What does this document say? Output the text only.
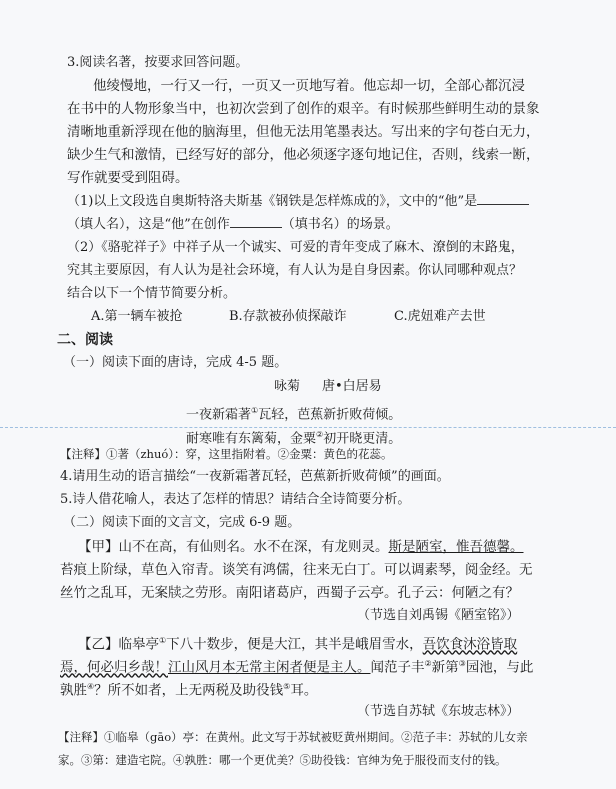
3.阅读名著，按要求回答问题。
他绫慢地，一行又一行，一页又一页地写着。他忘却一切，全部心都沉浸
在书中的人物形象当中，也初次尝到了创作的艰辛。有时候那些鲜明生动的景象
清晰地重新浮现在他的脑海里，但他无法用笔墨表达。写出来的字句苍白无力，
缺少生气和激情，已经写好的部分，他必须逐字逐句地记住，否则，线索一断，
写作就要受到阻碍。
（1)以上文段选自奥斯特洛夫斯基《钢铁是怎样炼成的》，文中的“他”是
（填人名），这是“他”在创作	（填书名）的场景。
（2）《骆驼祥子》中祥子从一个诚实、可爱的青年变成了麻木、潦倒的末路鬼，
究其主要原因，有人认为是社会环境，有人认为是自身因素。你认同哪种观点？
结合以下一个情节简要分析。
A.第一辆车被抢	B.存款被孙侦探敲诈	C.虎妞难产去世
二、阅读
（一）阅读下面的唐诗，完成 4-5 题。
咏菊 唐•白居易
一夜新霜著①瓦轻，芭蕉新折败荷倾。
耐寒唯有东篱菊，金粟②初开晓更清。
【注释】①著（zhuó）：穿，这里指附着。②金粟：黄色的花蕊。
4.请用生动的语言描绘“一夜新霜著瓦轻，芭蕉新折败荷倾”的画面。
5.诗人借花喻人，表达了怎样的情思？请结合全诗简要分析。
（二）阅读下面的文言文，完成 6-9 题。
【甲】山不在高，有仙则名。水不在深，有龙则灵。斯是陋室，惟吾德馨。
苔痕上阶绿，草色入帘青。谈笑有鸿儒，往来无白丁。可以调素琴，阅金经。无
丝竹之乱耳，无案牍之劳形。南阳诸葛庐，西蜀子云亭。孔子云：何陋之有？
（节选自刘禹锡《陋室铭》）
【乙】临皋亭①下八十数步，便是大江，其半是峨眉雪水，吾饮食沐浴皆取
焉，何必归乡哉！江山风月本无常主闲者便是主人。闻范子丰②新第③园池，与此
孰胜④？所不如者，上无两税及助役钱⑤耳。
（节选自苏轼《东坡志林》）
【注释】①临皋（gāo）亭：在黄州。此文写于苏轼被贬黄州期间。②范子丰：苏轼的儿女亲
家。③第：建造宅院。④孰胜：哪一个更优美？⑤助役钱：官绅为免于服役而支付的钱。
